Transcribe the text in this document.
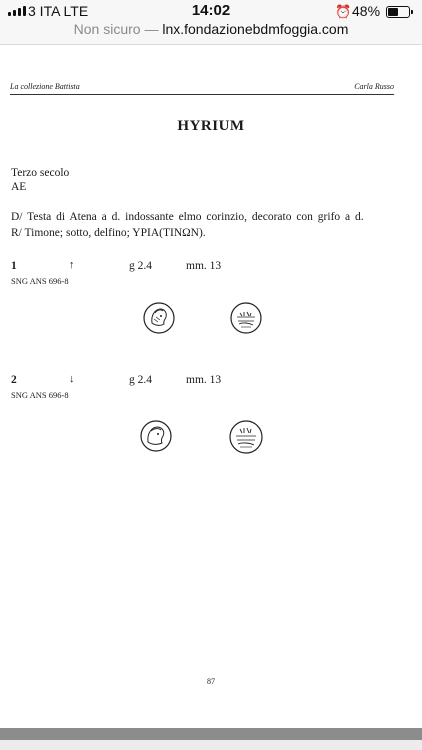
3 ITA LTE	14:02	⏰ 48%
Non sicuro — lnx.fondazionebdmfoggia.com
La collezione Battista	Carla Russo
HYRIUM
Terzo secolo
AE
D/ Testa di Atena a d. indossante elmo corinzio, decorato con grifo a d.
R/ Timone; sotto, delfino; YPIA(TINΩN).
1	↑	g 2.4	mm. 13
SNG ANS 696-8
2	↓	g 2.4	mm. 13
SNG ANS 696-8
87
